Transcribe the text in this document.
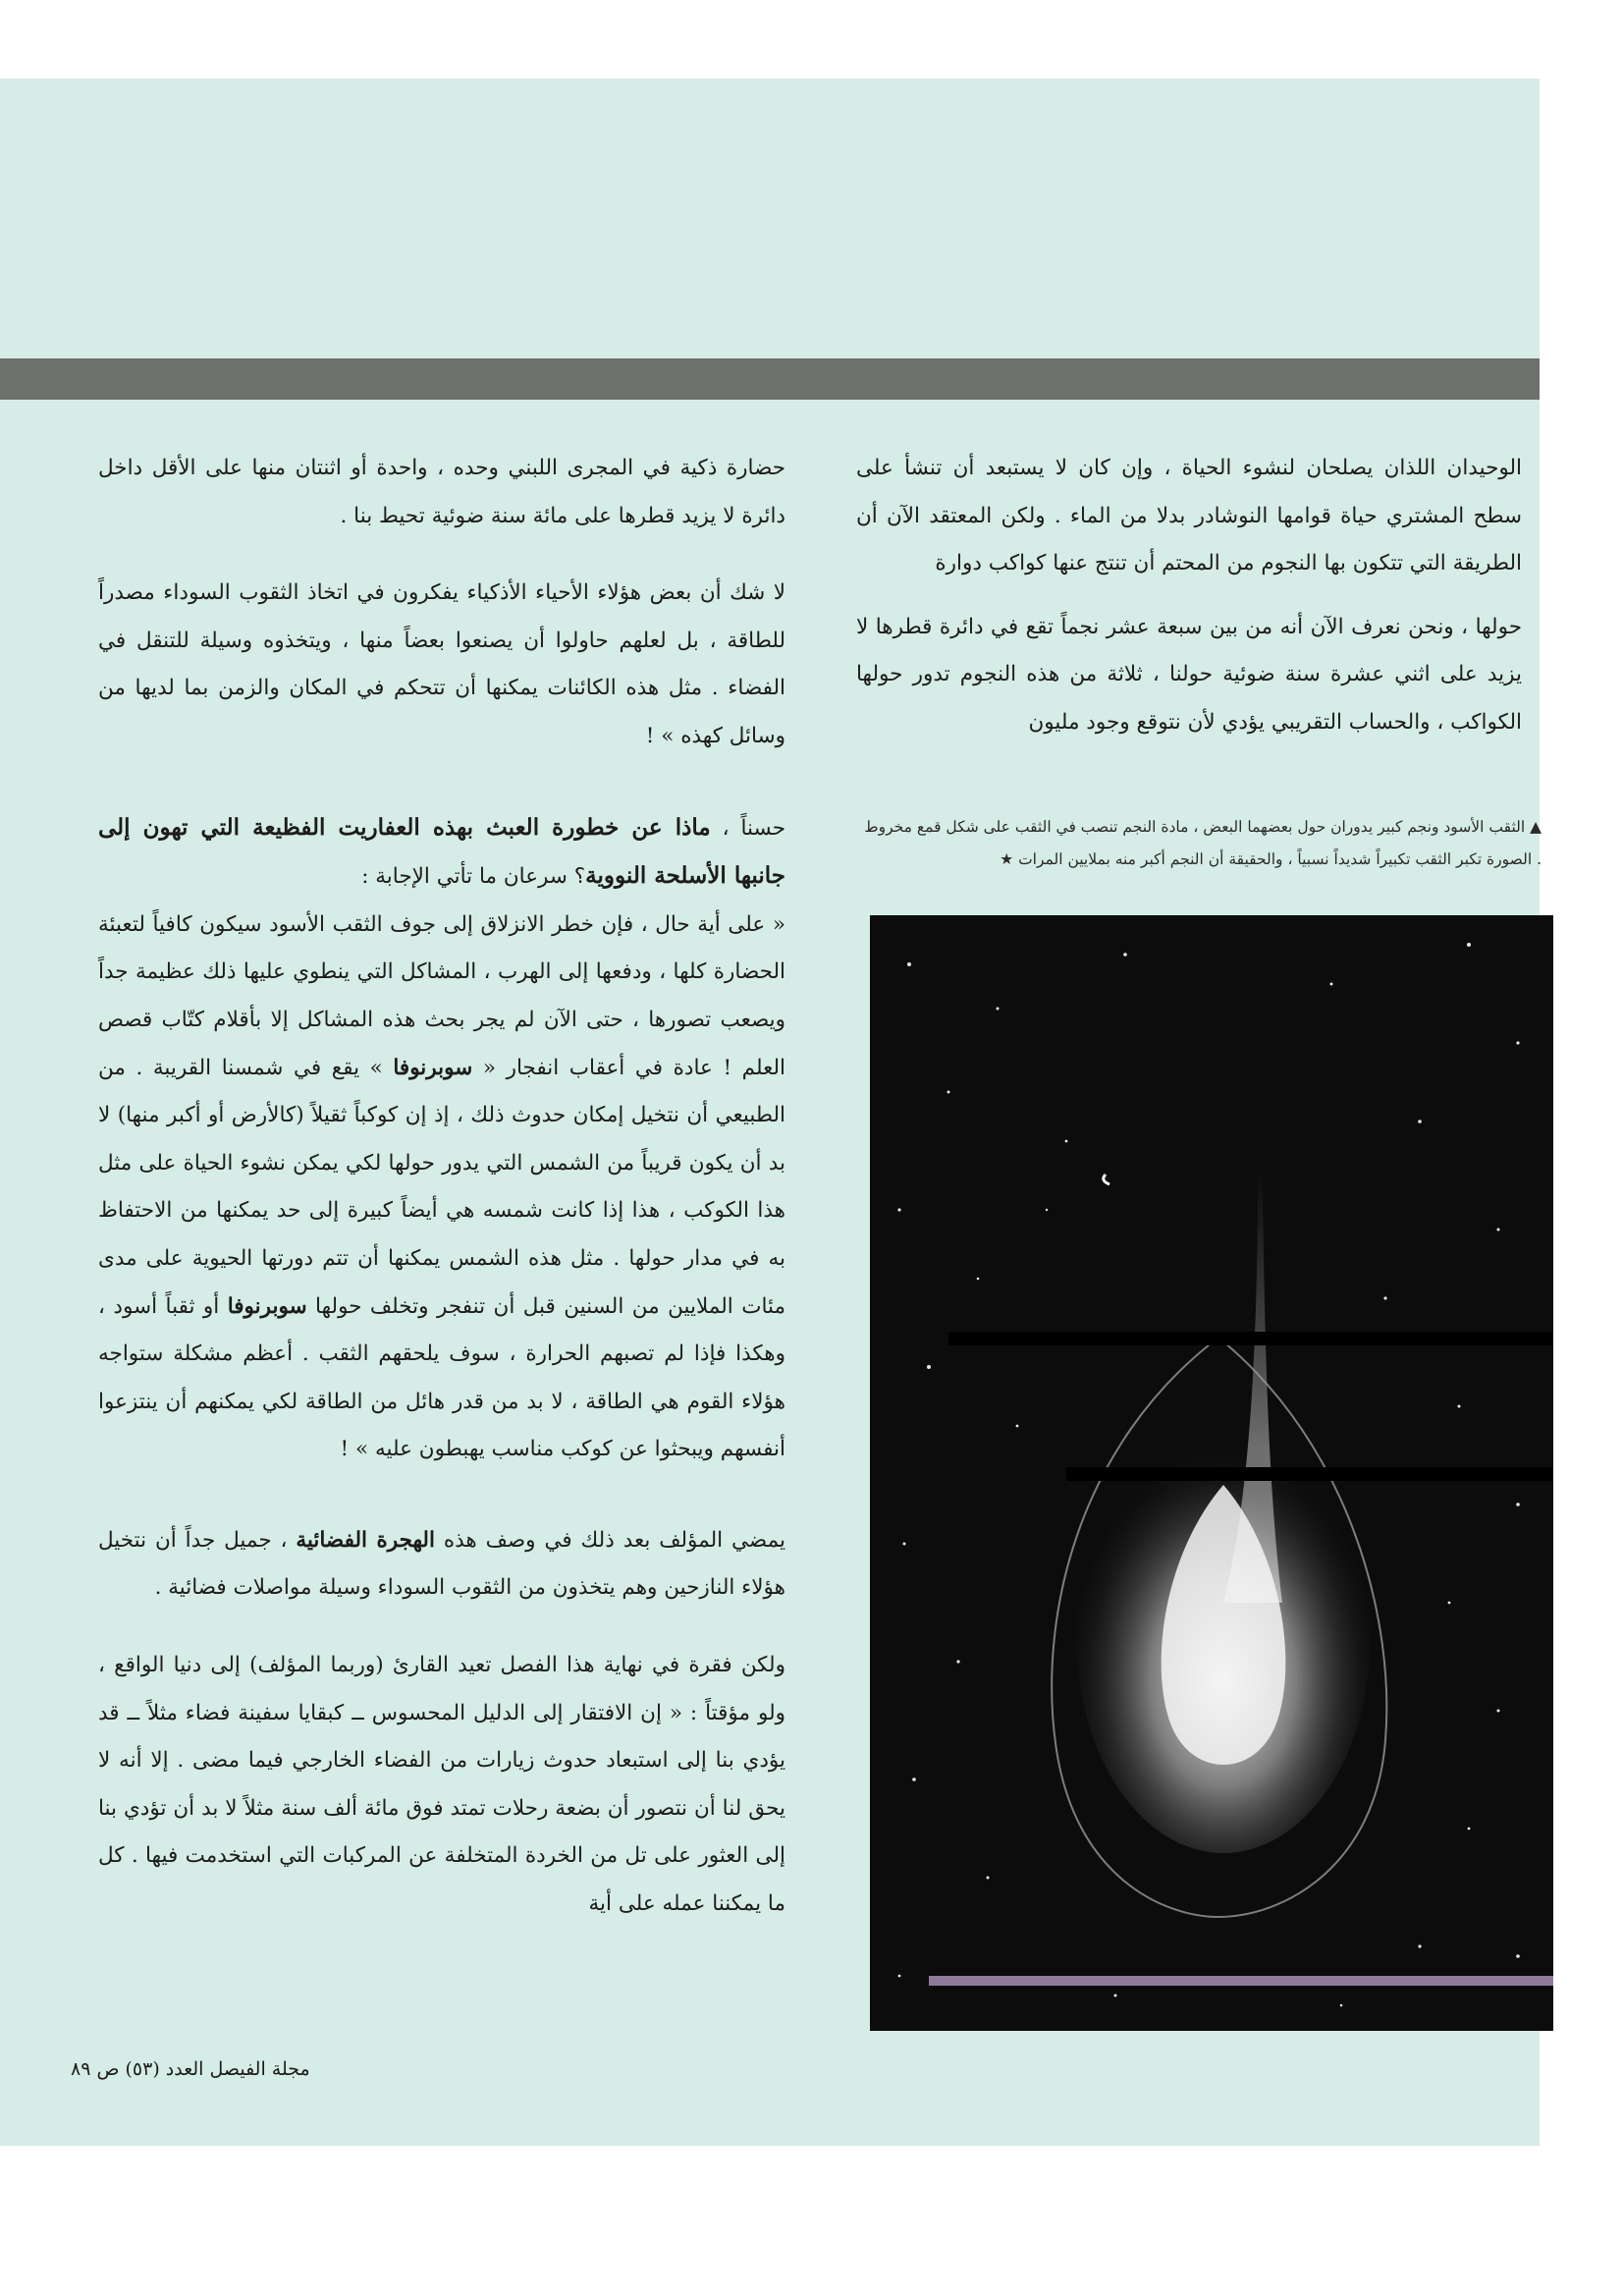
الوحيدان اللذان يصلحان لنشوء الحياة ، وإن كان لا يستبعد أن تنشأ على سطح المشتري حياة قوامها النوشادر بدلا من الماء . ولكن المعتقد الآن أن الطريقة التي تتكون بها النجوم من المحتم أن تنتج عنها كواكب دوارة

حولها ، ونحن نعرف الآن أنه من بين سبعة عشر نجماً تقع في دائرة قطرها لا يزيد على اثني عشرة سنة ضوئية حولنا ، ثلاثة من هذه النجوم تدور حولها الكواكب ، والحساب التقريبي يؤدي لأن نتوقع وجود مليون

▲ الثقب الأسود ونجم كبير يدوران حول بعضهما البعض ، مادة النجم تنصب في الثقب على شكل قمع مخروط . الصورة تكبر الثقب تكبيراً شديداً نسبياً ، والحقيقة أن النجم أكبر منه بملايين المرات ★

حضارة ذكية في المجرى اللبني وحده ، واحدة أو اثنتان منها على الأقل داخل دائرة لا يزيد قطرها على مائة سنة ضوئية تحيط بنا .

لا شك أن بعض هؤلاء الأحياء الأذكياء يفكرون في اتخاذ الثقوب السوداء مصدراً للطاقة ، بل لعلهم حاولوا أن يصنعوا بعضاً منها ، ويتخذوه وسيلة للتنقل في الفضاء . مثل هذه الكائنات يمكنها أن تتحكم في المكان والزمن بما لديها من وسائل كهذه » !

حسناً ، ماذا عن خطورة العبث بهذه العفاريت الفظيعة التي تهون إلى جانبها الأسلحة النووية؟ سرعان ما تأتي الإجابة :

« على أية حال ، فإن خطر الانزلاق إلى جوف الثقب الأسود سيكون كافياً لتعبئة الحضارة كلها ، ودفعها إلى الهرب ، المشاكل التي ينطوي عليها ذلك عظيمة جداً ويصعب تصورها ، حتى الآن لم يجر بحث هذه المشاكل إلا بأقلام كتّاب قصص العلم ! عادة في أعقاب انفجار « سوبرنوفا » يقع في شمسنا القريبة . من الطبيعي أن نتخيل إمكان حدوث ذلك ، إذ إن كوكباً ثقيلاً (كالأرض أو أكبر منها) لا بد أن يكون قريباً من الشمس التي يدور حولها لكي يمكن نشوء الحياة على مثل هذا الكوكب ، هذا إذا كانت شمسه هي أيضاً كبيرة إلى حد يمكنها من الاحتفاظ به في مدار حولها . مثل هذه الشمس يمكنها أن تتم دورتها الحيوية على مدى مئات الملايين من السنين قبل أن تنفجر وتخلف حولها سوبرنوفا أو ثقباً أسود ، وهكذا فإذا لم تصبهم الحرارة ، سوف يلحقهم الثقب . أعظم مشكلة ستواجه هؤلاء القوم هي الطاقة ، لا بد من قدر هائل من الطاقة لكي يمكنهم أن ينتزعوا أنفسهم ويبحثوا عن كوكب مناسب يهبطون عليه » !

يمضي المؤلف بعد ذلك في وصف هذه الهجرة الفضائية ، جميل جداً أن نتخيل هؤلاء النازحين وهم يتخذون من الثقوب السوداء وسيلة مواصلات فضائية .

ولكن فقرة في نهاية هذا الفصل تعيد القارئ (وربما المؤلف) إلى دنيا الواقع ، ولو مؤقتاً : « إن الافتقار إلى الدليل المحسوس ــ كبقايا سفينة فضاء مثلاً ــ قد يؤدي بنا إلى استبعاد حدوث زيارات من الفضاء الخارجي فيما مضى . إلا أنه لا يحق لنا أن نتصور أن بضعة رحلات تمتد فوق مائة ألف سنة مثلاً لا بد أن تؤدي بنا إلى العثور على تل من الخردة المتخلفة عن المركبات التي استخدمت فيها . كل ما يمكننا عمله على أية

مجلة الفيصل العدد (٥٣) ص ٨٩
